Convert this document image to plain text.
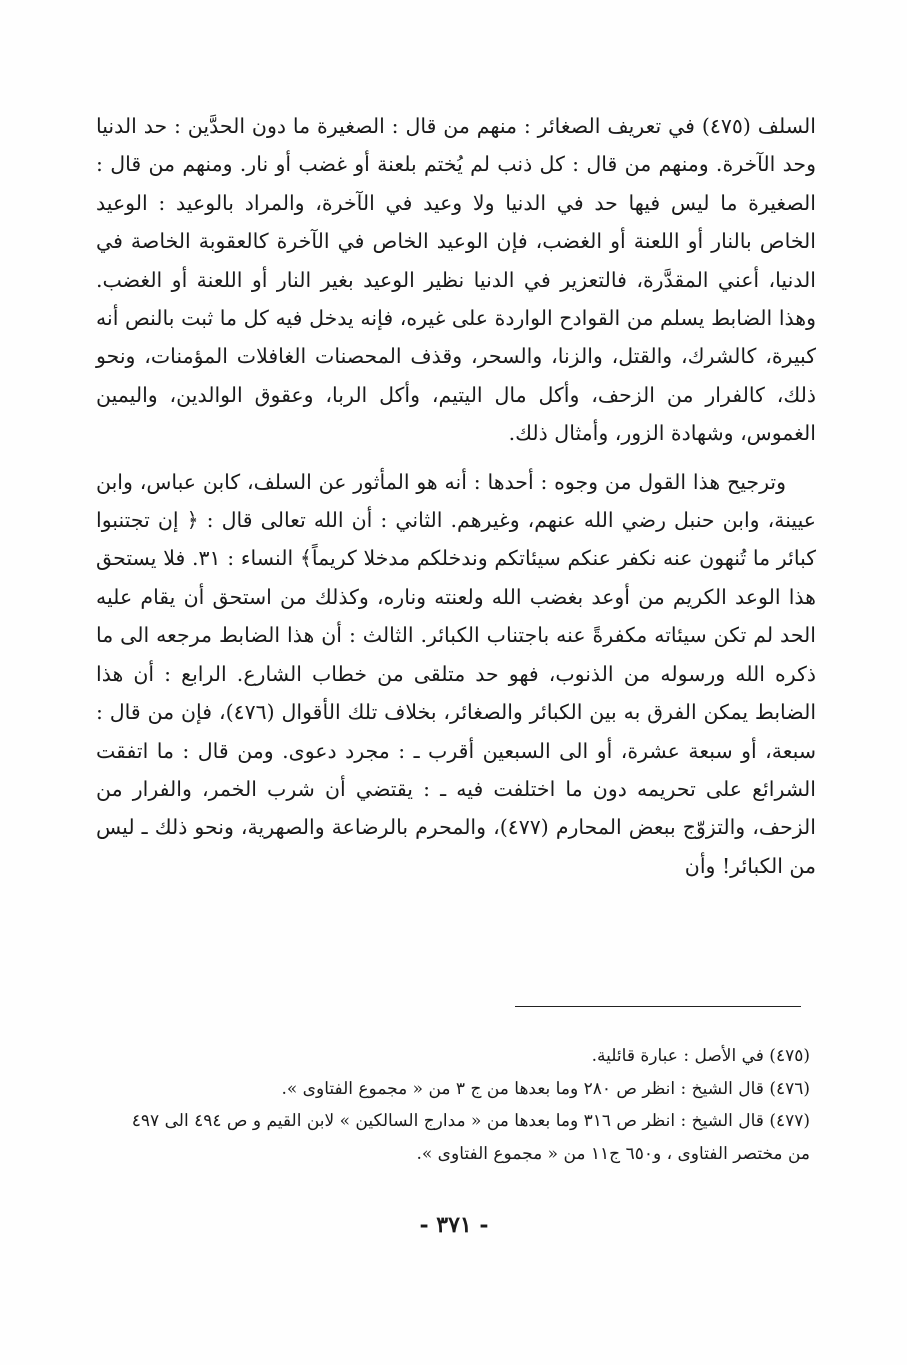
السلف (٤٧٥) في تعريف الصغائر : منهم من قال : الصغيرة ما دون الحدَّين : حد الدنيا وحد الآخرة. ومنهم من قال : كل ذنب لم يُختم بلعنة أو غضب أو نار. ومنهم من قال : الصغيرة ما ليس فيها حد في الدنيا ولا وعيد في الآخرة، والمراد بالوعيد : الوعيد الخاص بالنار أو اللعنة أو الغضب، فإن الوعيد الخاص في الآخرة كالعقوبة الخاصة في الدنيا، أعني المقدَّرة، فالتعزير في الدنيا نظير الوعيد بغير النار أو اللعنة أو الغضب. وهذا الضابط يسلم من القوادح الواردة على غيره، فإنه يدخل فيه كل ما ثبت بالنص أنه كبيرة، كالشرك، والقتل، والزنا، والسحر، وقذف المحصنات الغافلات المؤمنات، ونحو ذلك، كالفرار من الزحف، وأكل مال اليتيم، وأكل الربا، وعقوق الوالدين، واليمين الغموس، وشهادة الزور، وأمثال ذلك.

وترجيح هذا القول من وجوه : أحدها : أنه هو المأثور عن السلف، كابن عباس، وابن عيينة، وابن حنبل رضي الله عنهم، وغيرهم. الثاني : أن الله تعالى قال : ﴿ إن تجتنبوا كبائر ما تُنهون عنه نكفر عنكم سيئاتكم وندخلكم مدخلا كريماً﴾ النساء : ٣١. فلا يستحق هذا الوعد الكريم من أوعد بغضب الله ولعنته وناره، وكذلك من استحق أن يقام عليه الحد لم تكن سيئاته مكفرةً عنه باجتناب الكبائر. الثالث : أن هذا الضابط مرجعه الى ما ذكره الله ورسوله من الذنوب، فهو حد متلقى من خطاب الشارع. الرابع : أن هذا الضابط يمكن الفرق به بين الكبائر والصغائر، بخلاف تلك الأقوال (٤٧٦)، فإن من قال : سبعة، أو سبعة عشرة، أو الى السبعين أقرب ـ : مجرد دعوى. ومن قال : ما اتفقت الشرائع على تحريمه دون ما اختلفت فيه ـ : يقتضي أن شرب الخمر، والفرار من الزحف، والتزوّج ببعض المحارم (٤٧٧)، والمحرم بالرضاعة والصهرية، ونحو ذلك ـ ليس من الكبائر! وأن

(٤٧٥) في الأصل : عبارة قائلية.

(٤٧٦) قال الشيخ : انظر ص ٢٨٠ وما بعدها من ج ٣ من « مجموع الفتاوى ».

(٤٧٧) قال الشيخ : انظر ص ٣١٦ وما بعدها من « مدارج السالكين » لابن القيم و ص ٤٩٤ الى ٤٩٧ من مختصر الفتاوى ، و٦٥٠ ج١١ من « مجموع الفتاوى ».

- ٣٧١ -
